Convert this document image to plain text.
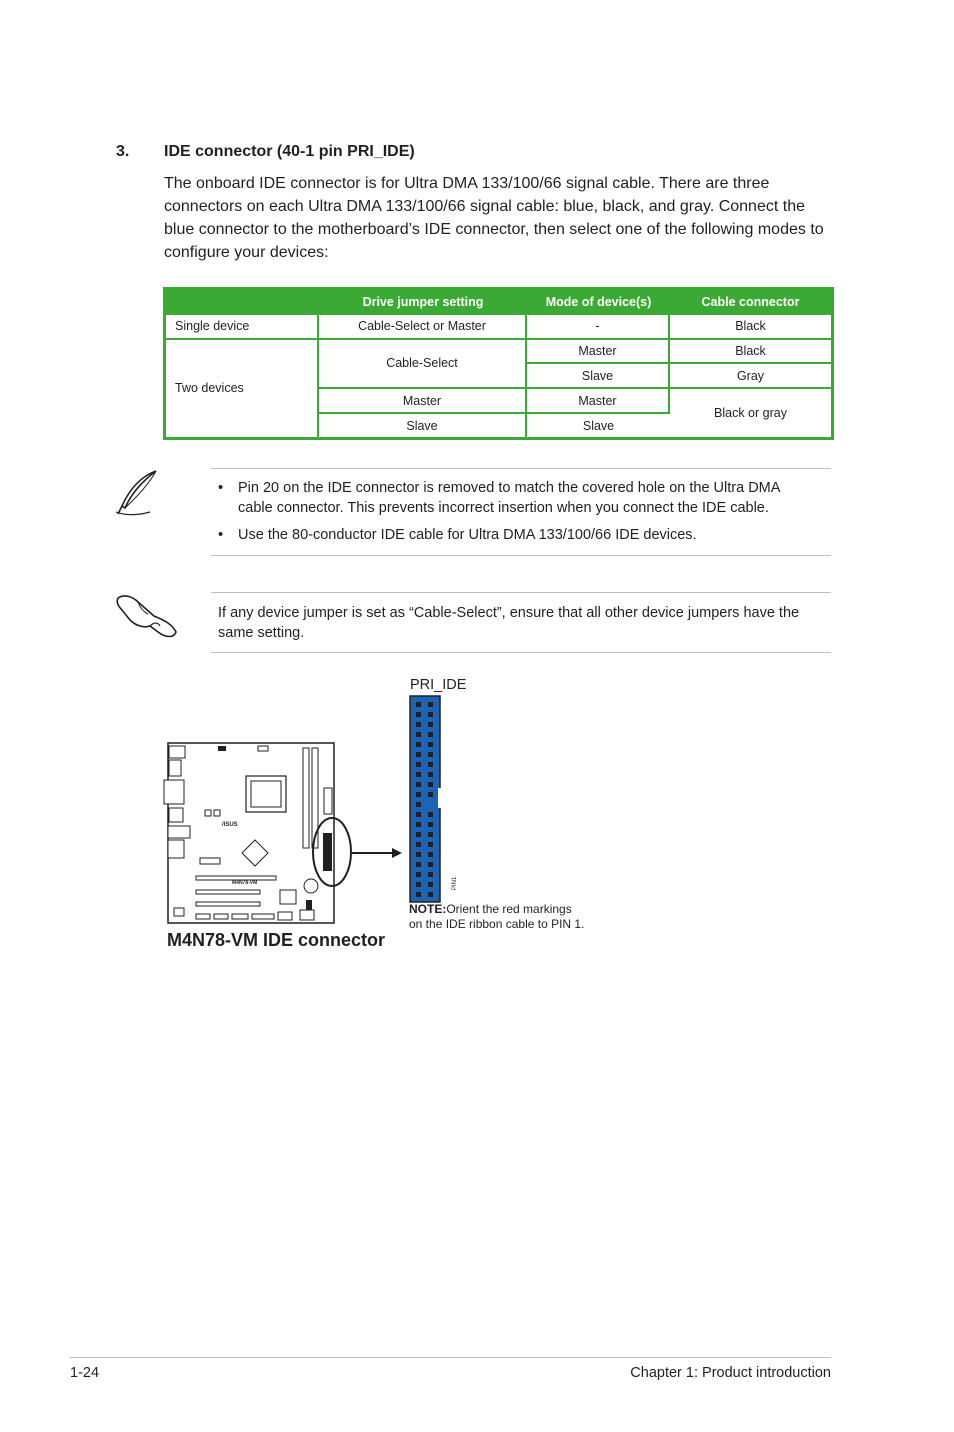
3. IDE connector (40-1 pin PRI_IDE)

The onboard IDE connector is for Ultra DMA 133/100/66 signal cable. There are three connectors on each Ultra DMA 133/100/66 signal cable: blue, black, and gray. Connect the blue connector to the motherboard’s IDE connector, then select one of the following modes to configure your devices:

	Drive jumper setting	Mode of device(s)	Cable connector
Single device	Cable-Select or Master	-	Black
Two devices	Cable-Select	Master	Black
		Slave	Gray
	Master	Master	Black or gray
	Slave	Slave	
• Pin 20 on the IDE connector is removed to match the covered hole on the Ultra DMA cable connector. This prevents incorrect insertion when you connect the IDE cable.
• Use the 80-conductor IDE cable for Ultra DMA 133/100/66 IDE devices.

If any device jumper is set as “Cable-Select”, ensure that all other device jumpers have the same setting.

PRI_IDE
M4N78-VM
/ISUS
PIN1
NOTE:Orient the red markings
on the IDE ribbon cable to PIN 1.
M4N78-VM IDE connector
1-24	Chapter 1: Product introduction
